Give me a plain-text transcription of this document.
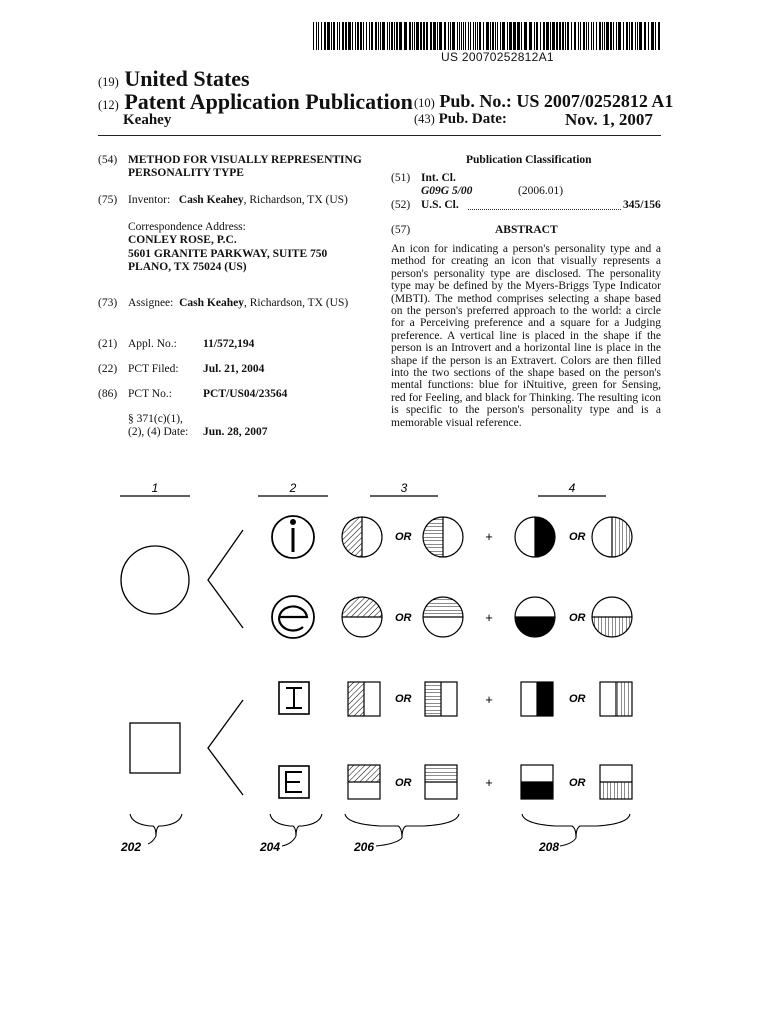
US 20070252812A1
(19) United States
(12) Patent Application Publication (10) Pub. No.: US 2007/0252812 A1
Keahey	(43) Pub. Date:	Nov. 1, 2007
(54) METHOD FOR VISUALLY REPRESENTING
PERSONALITY TYPE
(75) Inventor: Cash Keahey, Richardson, TX (US)
Correspondence Address:
CONLEY ROSE, P.C.
5601 GRANITE PARKWAY, SUITE 750
PLANO, TX 75024 (US)
(73) Assignee: Cash Keahey, Richardson, TX (US)
(21) Appl. No.: 11/572,194
(22) PCT Filed: Jul. 21, 2004
(86) PCT No.:	PCT/US04/23564
§ 371(c)(1),
(2), (4) Date: Jun. 28, 2007
Publication Classification
(51) Int. Cl.
G09G 5/00	(2006.01)
(52) U.S. Cl.	345/156
(57)	ABSTRACT
An icon for indicating a person's personality type and a method for creating an icon that visually represents a person's personality type are disclosed. The personality type may be defined by the Myers-Briggs Type Indicator (MBTI). The method comprises selecting a shape based on the person's preferred approach to the world: a circle for a Perceiving preference and a square for a Judging preference. A vertical line is placed in the shape if the person is an Introvert and a horizontal line is place in the shape if the person is an Extravert. Colors are then filled into the two sections of the shape based on the person's mental functions: blue for iNtuitive, green for Sensing, red for Feeling, and black for Thinking. The resulting icon is specific to the person's personality type and is a memorable visual reference.
1	2	3	4
OR	+	OR
OR	+	OR
OR	+	OR
OR	+	OR
202	204	206	208
